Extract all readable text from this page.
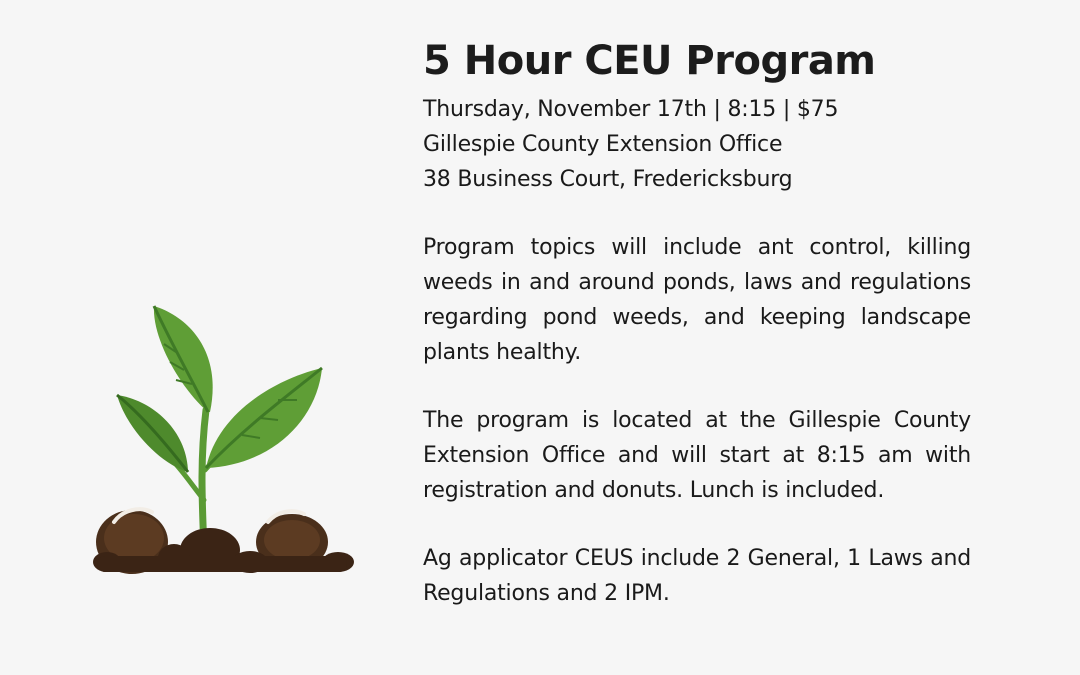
5 Hour CEU Program
Thursday, November 17th | 8:15 | $75
Gillespie County Extension Office
38 Business Court, Fredericksburg

Program topics will include ant control, killing weeds in and around ponds, laws and regulations regarding pond weeds, and keeping landscape plants healthy.

The program is located at the Gillespie County Extension Office and will start at 8:15 am with registration and donuts. Lunch is included.

Ag applicator CEUS include 2 General, 1 Laws and Regulations and 2 IPM.
